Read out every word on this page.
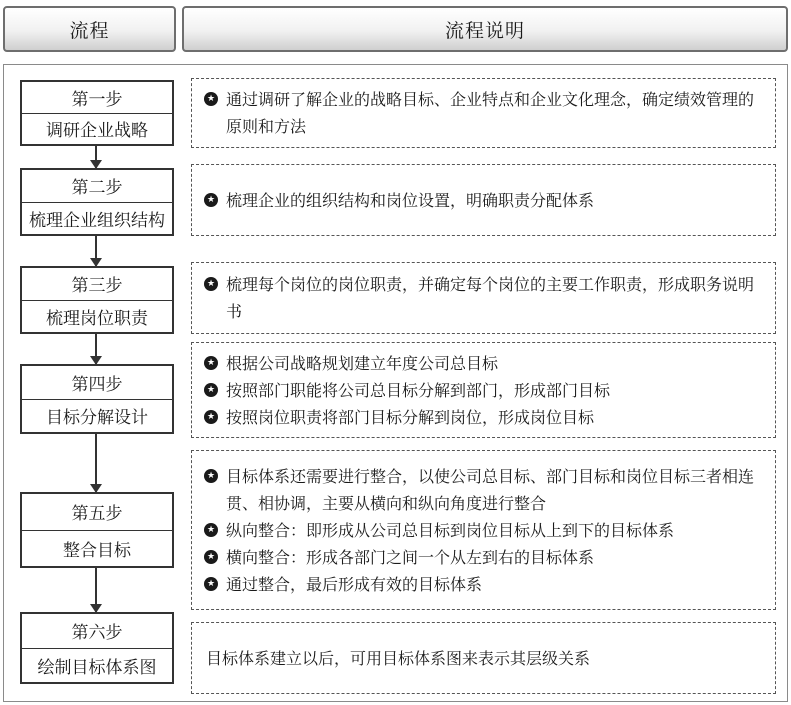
流程	流程说明
第一步
调研企业战略
第二步
梳理企业组织结构
第三步
梳理岗位职责
第四步
目标分解设计
第五步
整合目标
第六步
绘制目标体系图
★ 通过调研了解企业的战略目标、企业特点和企业文化理念，确定绩效管理的原则和方法
★ 梳理企业的组织结构和岗位设置，明确职责分配体系
★ 梳理每个岗位的岗位职责，并确定每个岗位的主要工作职责，形成职务说明书
★ 根据公司战略规划建立年度公司总目标
★ 按照部门职能将公司总目标分解到部门，形成部门目标
★ 按照岗位职责将部门目标分解到岗位，形成岗位目标
★ 目标体系还需要进行整合，以使公司总目标、部门目标和岗位目标三者相连贯、相协调，主要从横向和纵向角度进行整合
★ 纵向整合：即形成从公司总目标到岗位目标从上到下的目标体系
★ 横向整合：形成各部门之间一个从左到右的目标体系
★ 通过整合，最后形成有效的目标体系
目标体系建立以后，可用目标体系图来表示其层级关系
